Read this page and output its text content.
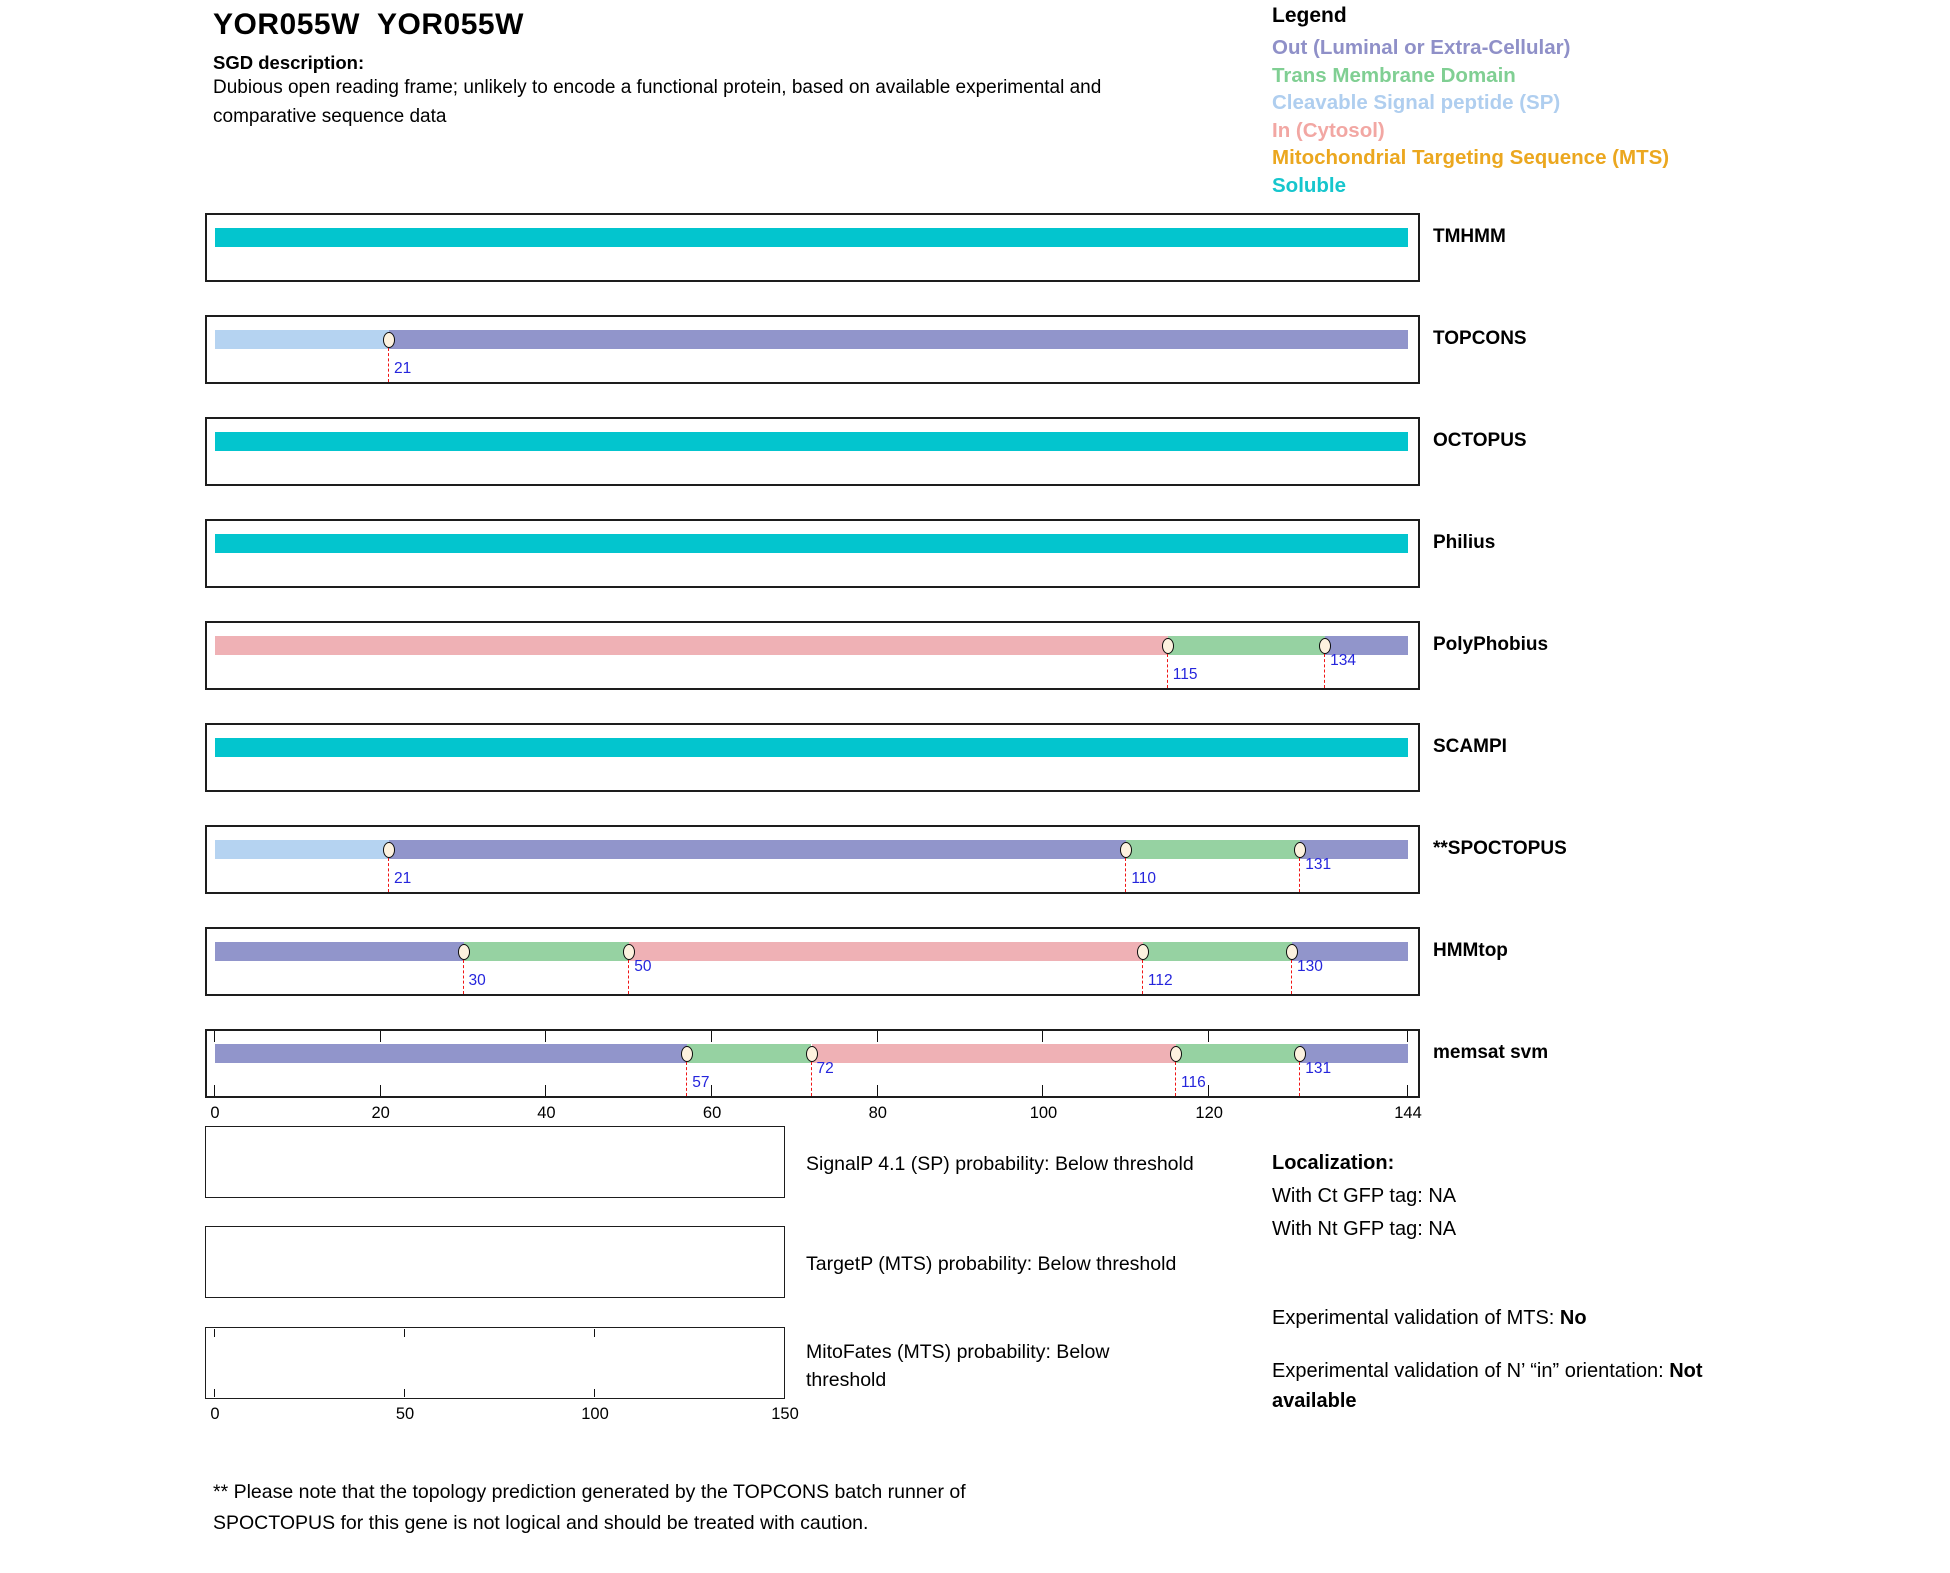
YOR055W  YOR055W
SGD description:
Dubious open reading frame; unlikely to encode a functional protein, based on available experimental and comparative sequence data
Legend
Out (Luminal or Extra-Cellular)
Trans Membrane Domain
Cleavable Signal peptide (SP)
In (Cytosol)
Mitochondrial Targeting Sequence (MTS)
Soluble
Localization:
With Ct GFP tag: NA
With Nt GFP tag: NA
Experimental validation of MTS: No
Experimental validation of N’ “in” orientation: Not
available
** Please note that the topology prediction generated by the TOPCONS batch runner of SPOCTOPUS for this gene is not logical and should be treated with caution.
TMHMM
21
TOPCONS
OCTOPUS
Philius
115
134
PolyPhobius
SCAMPI
21	110
131
**SPOCTOPUS
30
50
112
130
HMMtop
57
72
116
131
memsat svm
0	20	40	60	80	100	120	144
SignalP 4.1 (SP) probability: Below threshold
TargetP (MTS) probability: Below threshold
MitoFates (MTS) probability: Below threshold
0	50	100	150
